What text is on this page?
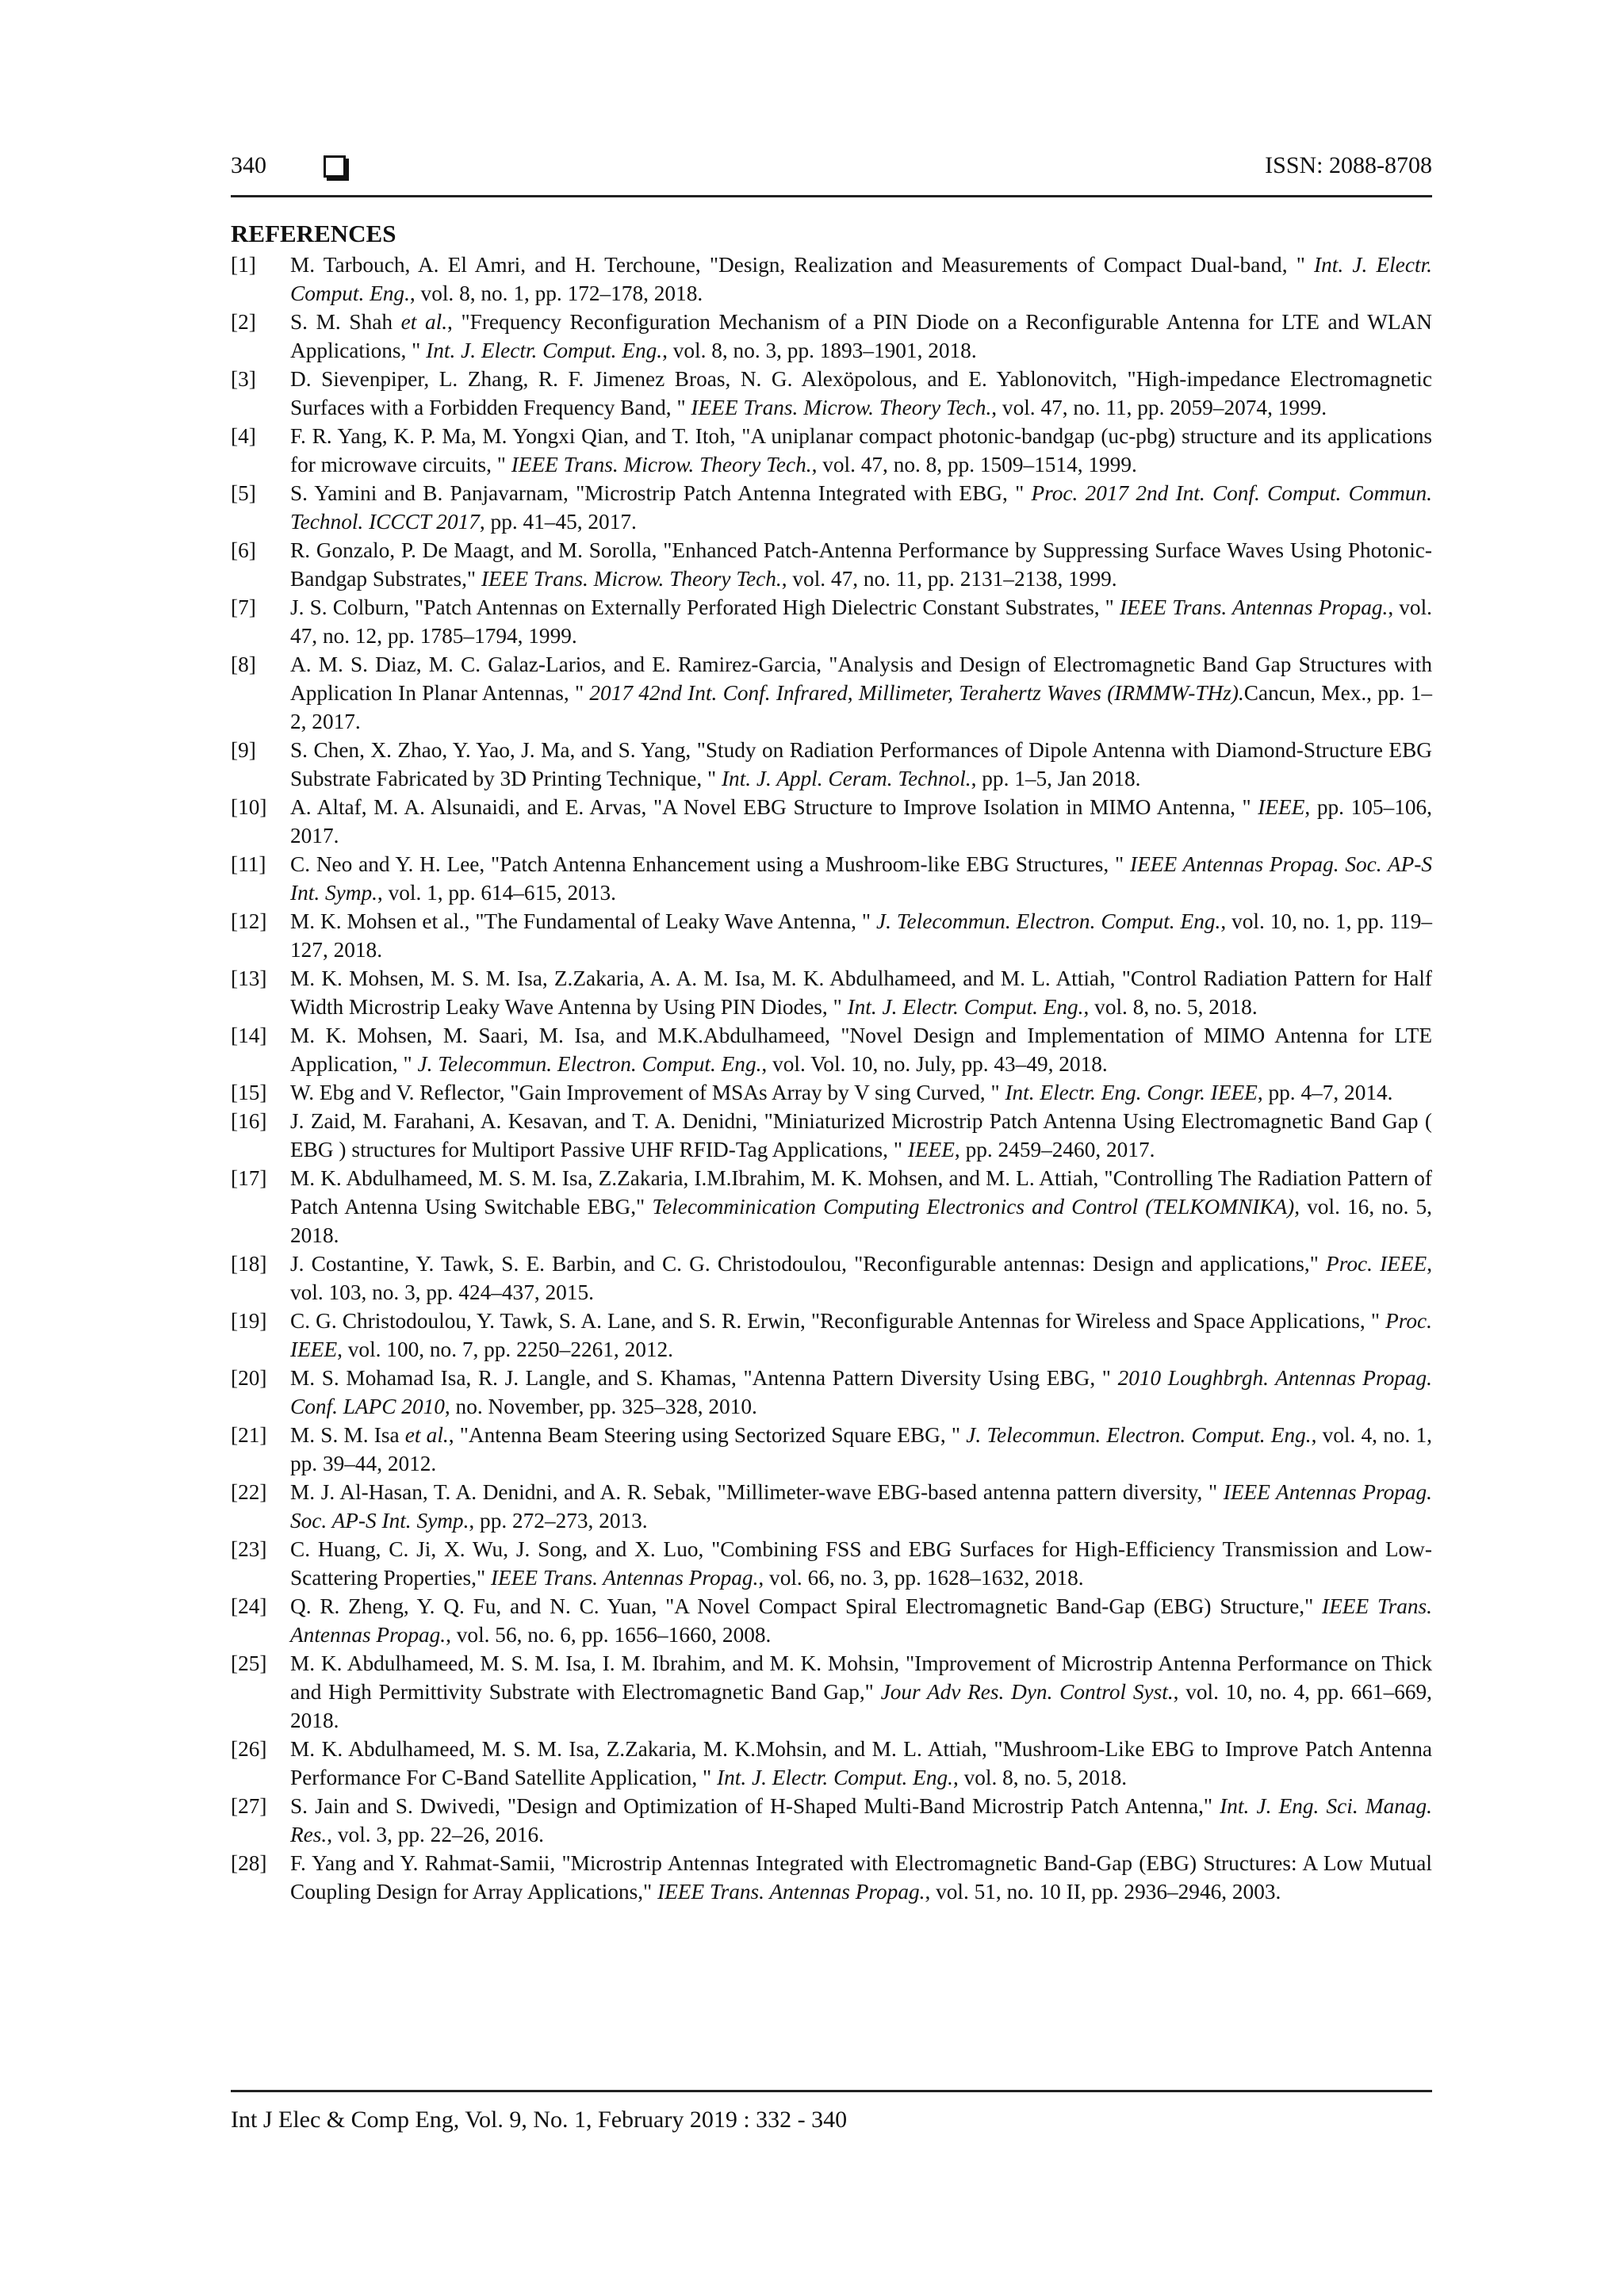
340	ISSN: 2088-8708
REFERENCES
[1]	M. Tarbouch, A. El Amri, and H. Terchoune, "Design, Realization and Measurements of Compact Dual-band, " Int. J. Electr. Comput. Eng., vol. 8, no. 1, pp. 172–178, 2018.
[2]	S. M. Shah et al., "Frequency Reconfiguration Mechanism of a PIN Diode on a Reconfigurable Antenna for LTE and WLAN Applications, " Int. J. Electr. Comput. Eng., vol. 8, no. 3, pp. 1893–1901, 2018.
[3]	D. Sievenpiper, L. Zhang, R. F. Jimenez Broas, N. G. Alexöpolous, and E. Yablonovitch, "High-impedance Electromagnetic Surfaces with a Forbidden Frequency Band, " IEEE Trans. Microw. Theory Tech., vol. 47, no. 11, pp. 2059–2074, 1999.
[4]	F. R. Yang, K. P. Ma, M. Yongxi Qian, and T. Itoh, "A uniplanar compact photonic-bandgap (uc-pbg) structure and its applications for microwave circuits, " IEEE Trans. Microw. Theory Tech., vol. 47, no. 8, pp. 1509–1514, 1999.
[5]	S. Yamini and B. Panjavarnam, "Microstrip Patch Antenna Integrated with EBG, " Proc. 2017 2nd Int. Conf. Comput. Commun. Technol. ICCCT 2017, pp. 41–45, 2017.
[6]	R. Gonzalo, P. De Maagt, and M. Sorolla, "Enhanced Patch-Antenna Performance by Suppressing Surface Waves Using Photonic-Bandgap Substrates," IEEE Trans. Microw. Theory Tech., vol. 47, no. 11, pp. 2131–2138, 1999.
[7]	J. S. Colburn, "Patch Antennas on Externally Perforated High Dielectric Constant Substrates, " IEEE Trans. Antennas Propag., vol. 47, no. 12, pp. 1785–1794, 1999.
[8]	A. M. S. Diaz, M. C. Galaz-Larios, and E. Ramirez-Garcia, "Analysis and Design of Electromagnetic Band Gap Structures with Application In Planar Antennas, " 2017 42nd Int. Conf. Infrared, Millimeter, Terahertz Waves (IRMMW-THz).Cancun, Mex., pp. 1–2, 2017.
[9]	S. Chen, X. Zhao, Y. Yao, J. Ma, and S. Yang, "Study on Radiation Performances of Dipole Antenna with Diamond-Structure EBG Substrate Fabricated by 3D Printing Technique, " Int. J. Appl. Ceram. Technol., pp. 1–5, Jan 2018.
[10]	A. Altaf, M. A. Alsunaidi, and E. Arvas, "A Novel EBG Structure to Improve Isolation in MIMO Antenna, " IEEE, pp. 105–106, 2017.
[11]	C. Neo and Y. H. Lee, "Patch Antenna Enhancement using a Mushroom-like EBG Structures, " IEEE Antennas Propag. Soc. AP-S Int. Symp., vol. 1, pp. 614–615, 2013.
[12]	M. K. Mohsen et al., "The Fundamental of Leaky Wave Antenna, " J. Telecommun. Electron. Comput. Eng., vol. 10, no. 1, pp. 119–127, 2018.
[13]	M. K. Mohsen, M. S. M. Isa, Z.Zakaria, A. A. M. Isa, M. K. Abdulhameed, and M. L. Attiah, "Control Radiation Pattern for Half Width Microstrip Leaky Wave Antenna by Using PIN Diodes, " Int. J. Electr. Comput. Eng., vol. 8, no. 5, 2018.
[14]	M. K. Mohsen, M. Saari, M. Isa, and M.K.Abdulhameed, "Novel Design and Implementation of MIMO Antenna for LTE Application, " J. Telecommun. Electron. Comput. Eng., vol. Vol. 10, no. July, pp. 43–49, 2018.
[15]	W. Ebg and V. Reflector, "Gain Improvement of MSAs Array by V sing Curved, " Int. Electr. Eng. Congr. IEEE, pp. 4–7, 2014.
[16]	J. Zaid, M. Farahani, A. Kesavan, and T. A. Denidni, "Miniaturized Microstrip Patch Antenna Using Electromagnetic Band Gap ( EBG ) structures for Multiport Passive UHF RFID-Tag Applications, " IEEE, pp. 2459–2460, 2017.
[17]	M. K. Abdulhameed, M. S. M. Isa, Z.Zakaria, I.M.Ibrahim, M. K. Mohsen, and M. L. Attiah, "Controlling The Radiation Pattern of Patch Antenna Using Switchable EBG," Telecomminication Computing Electronics and Control (TELKOMNIKA), vol. 16, no. 5, 2018.
[18]	J. Costantine, Y. Tawk, S. E. Barbin, and C. G. Christodoulou, "Reconfigurable antennas: Design and applications," Proc. IEEE, vol. 103, no. 3, pp. 424–437, 2015.
[19]	C. G. Christodoulou, Y. Tawk, S. A. Lane, and S. R. Erwin, "Reconfigurable Antennas for Wireless and Space Applications, " Proc. IEEE, vol. 100, no. 7, pp. 2250–2261, 2012.
[20]	M. S. Mohamad Isa, R. J. Langle, and S. Khamas, "Antenna Pattern Diversity Using EBG, " 2010 Loughbrgh. Antennas Propag. Conf. LAPC 2010, no. November, pp. 325–328, 2010.
[21]	M. S. M. Isa et al., "Antenna Beam Steering using Sectorized Square EBG, " J. Telecommun. Electron. Comput. Eng., vol. 4, no. 1, pp. 39–44, 2012.
[22]	M. J. Al-Hasan, T. A. Denidni, and A. R. Sebak, "Millimeter-wave EBG-based antenna pattern diversity, " IEEE Antennas Propag. Soc. AP-S Int. Symp., pp. 272–273, 2013.
[23]	C. Huang, C. Ji, X. Wu, J. Song, and X. Luo, "Combining FSS and EBG Surfaces for High-Efficiency Transmission and Low-Scattering Properties," IEEE Trans. Antennas Propag., vol. 66, no. 3, pp. 1628–1632, 2018.
[24]	Q. R. Zheng, Y. Q. Fu, and N. C. Yuan, "A Novel Compact Spiral Electromagnetic Band-Gap (EBG) Structure," IEEE Trans. Antennas Propag., vol. 56, no. 6, pp. 1656–1660, 2008.
[25]	M. K. Abdulhameed, M. S. M. Isa, I. M. Ibrahim, and M. K. Mohsin, "Improvement of Microstrip Antenna Performance on Thick and High Permittivity Substrate with Electromagnetic Band Gap," Jour Adv Res. Dyn. Control Syst., vol. 10, no. 4, pp. 661–669, 2018.
[26]	M. K. Abdulhameed, M. S. M. Isa, Z.Zakaria, M. K.Mohsin, and M. L. Attiah, "Mushroom-Like EBG to Improve Patch Antenna Performance For C-Band Satellite Application, " Int. J. Electr. Comput. Eng., vol. 8, no. 5, 2018.
[27]	S. Jain and S. Dwivedi, "Design and Optimization of H-Shaped Multi-Band Microstrip Patch Antenna," Int. J. Eng. Sci. Manag. Res., vol. 3, pp. 22–26, 2016.
[28]	F. Yang and Y. Rahmat-Samii, "Microstrip Antennas Integrated with Electromagnetic Band-Gap (EBG) Structures: A Low Mutual Coupling Design for Array Applications," IEEE Trans. Antennas Propag., vol. 51, no. 10 II, pp. 2936–2946, 2003.
Int J Elec & Comp Eng, Vol. 9, No. 1, February 2019 : 332 - 340
